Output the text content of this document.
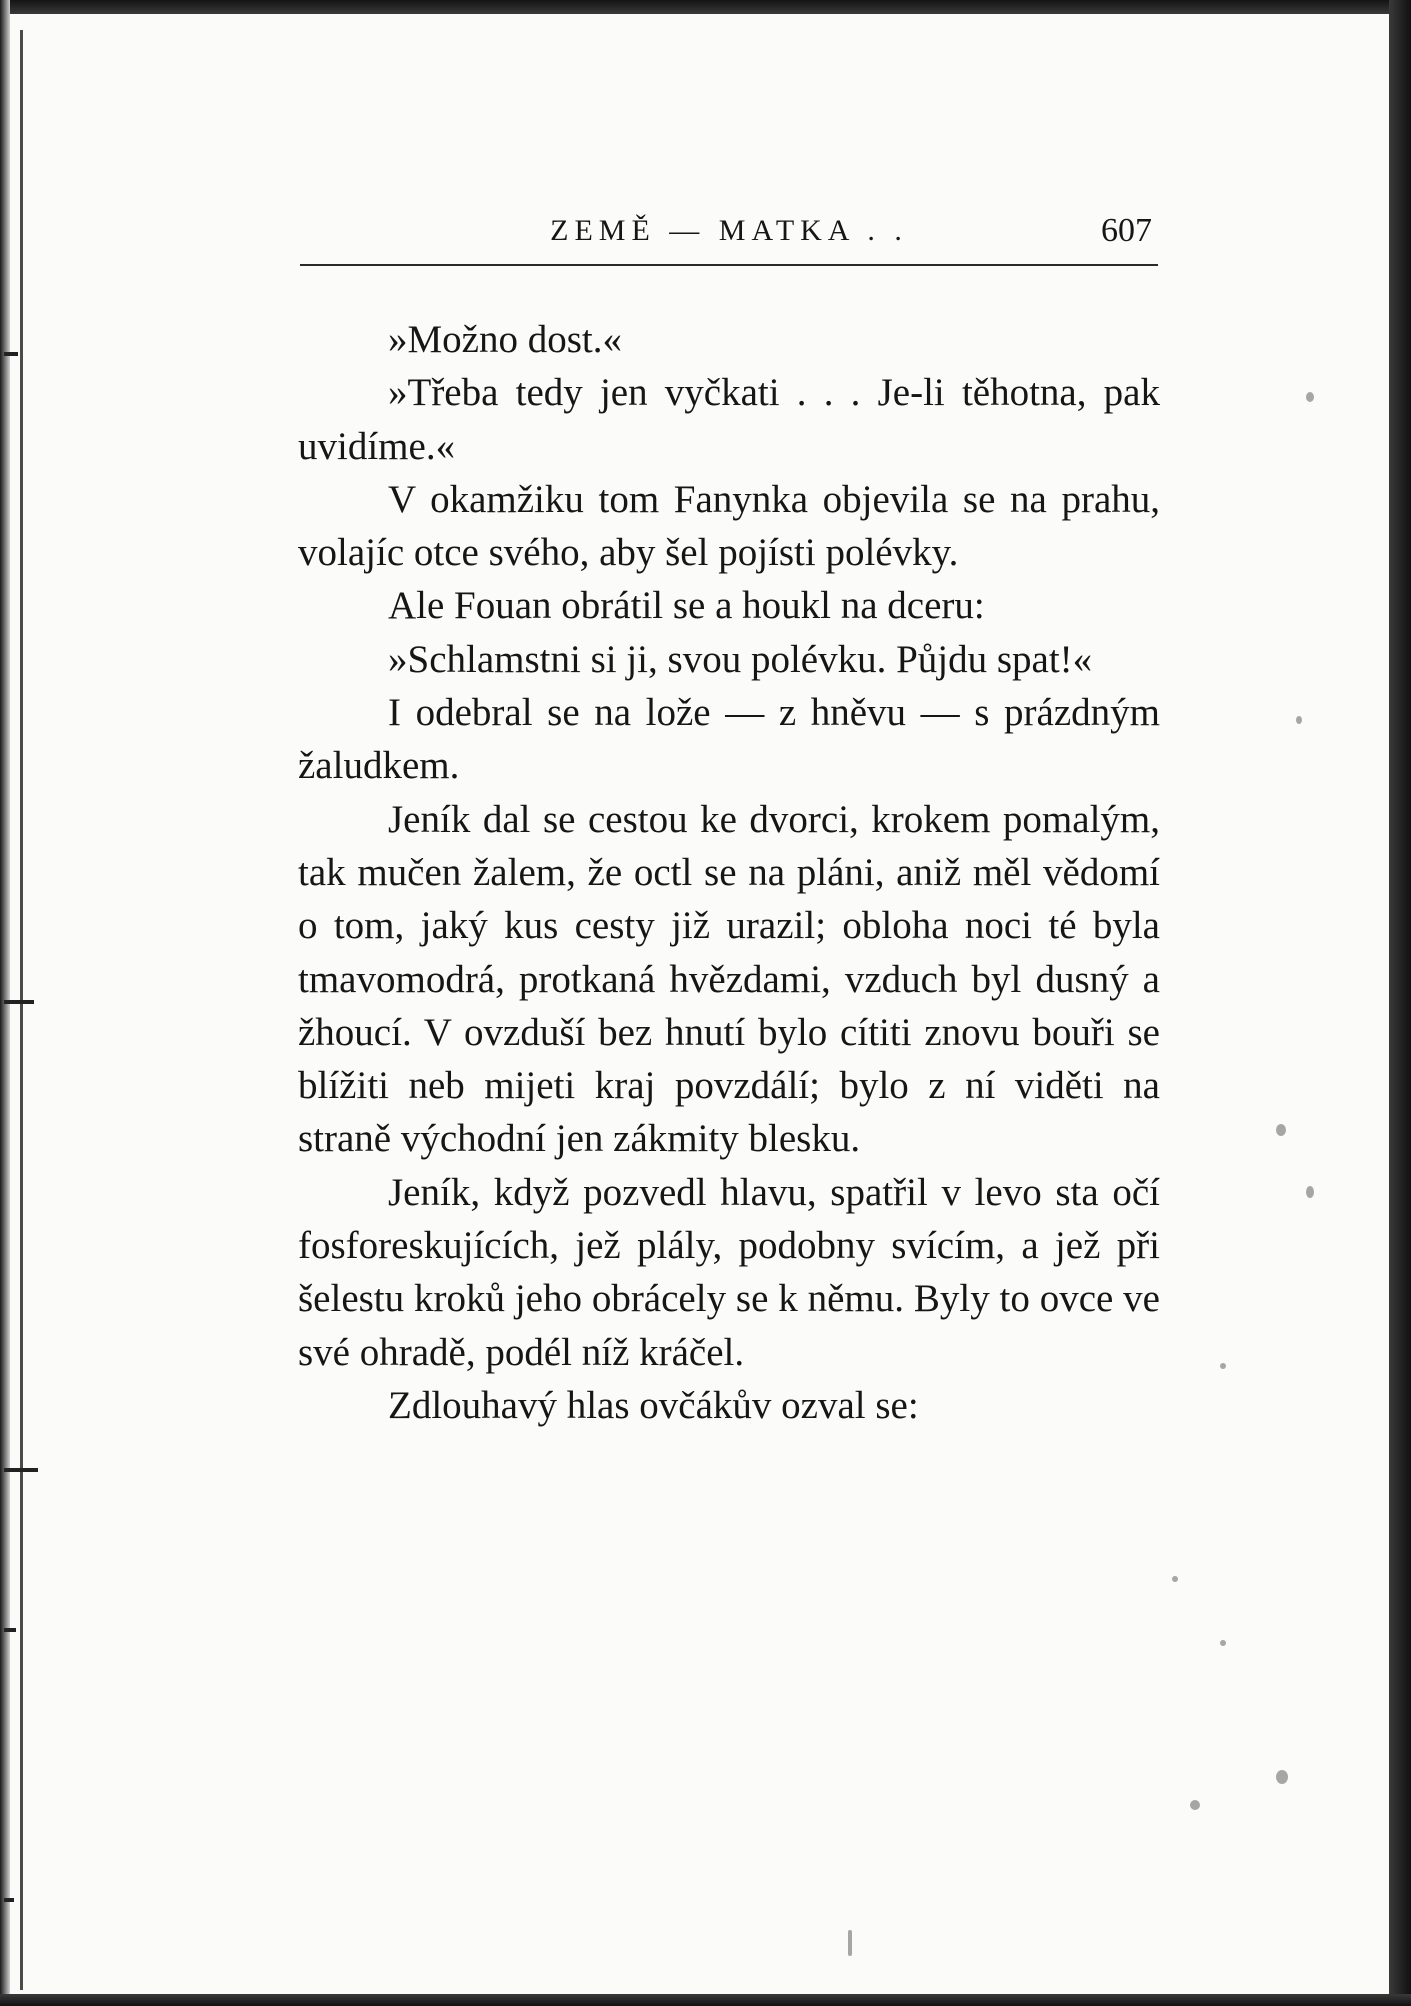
ZEMĚ — MATKA . .	607

»Možno dost.«

»Třeba tedy jen vyčkati . . . Je-li těhotna, pak uvidíme.«

V okamžiku tom Fanynka objevila se na prahu, volajíc otce svého, aby šel pojísti polévky.

Ale Fouan obrátil se a houkl na dceru:

»Schlamstni si ji, svou polévku. Půjdu spat!«

I odebral se na lože — z hněvu — s prázdným žaludkem.

Jeník dal se cestou ke dvorci, krokem pomalým, tak mučen žalem, že octl se na pláni, aniž měl vědomí o tom, jaký kus cesty již urazil; obloha noci té byla tmavomodrá, protkaná hvězdami, vzduch byl dusný a žhoucí. V ovzduší bez hnutí bylo cítiti znovu bouři se blížiti neb mijeti kraj povzdálí; bylo z ní viděti na straně východní jen zákmity blesku.

Jeník, když pozvedl hlavu, spatřil v levo sta očí fosforeskujících, jež plály, podobny svícím, a jež při šelestu kroků jeho obrácely se k němu. Byly to ovce ve své ohradě, podél níž kráčel.

Zdlouhavý hlas ovčákův ozval se:
